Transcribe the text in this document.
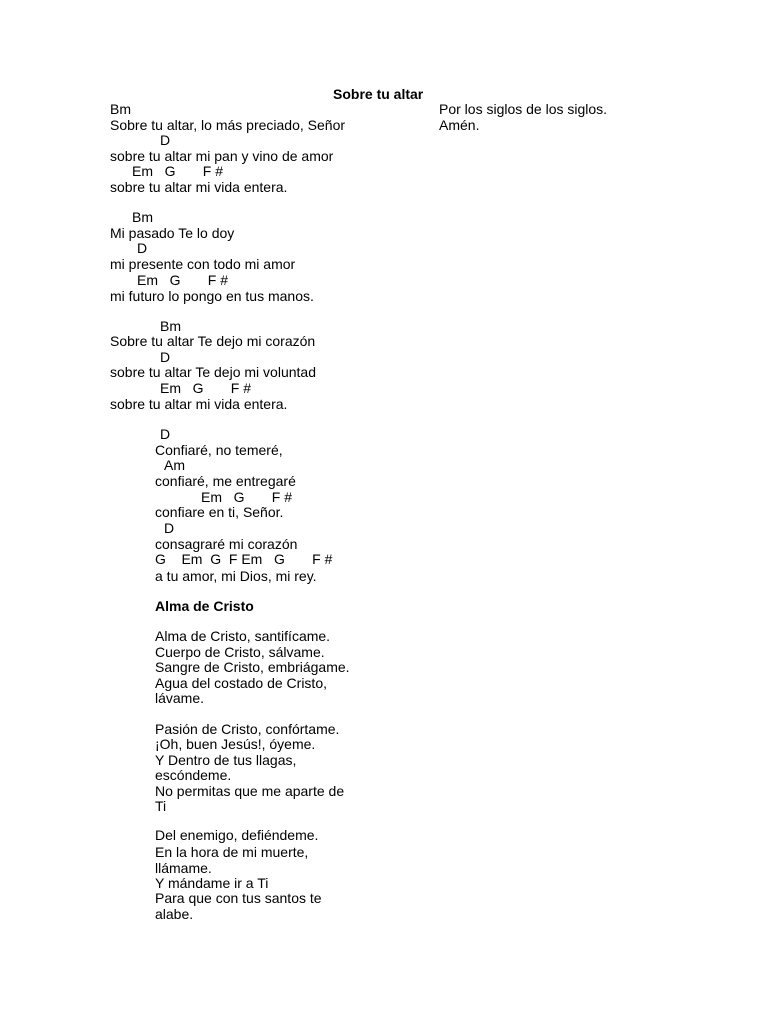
Sobre tu altar
Por los siglos de los siglos.
Amén.
Bm
Sobre tu altar, lo más preciado, Señor
D
sobre tu altar mi pan y vino de amor
Em   G       F #
sobre tu altar mi vida entera.
Bm
Mi pasado Te lo doy
D
mi presente con todo mi amor
Em   G       F #
mi futuro lo pongo en tus manos.
Bm
Sobre tu altar Te dejo mi corazón
D
sobre tu altar Te dejo mi voluntad
Em   G       F #
sobre tu altar mi vida entera.
D
Confiaré, no temeré,
Am
confiaré, me entregaré
Em   G       F #
confiare en ti, Señor.
D
consagraré mi corazón
G    Em  G  F Em   G       F #
a tu amor, mi Dios, mi rey.
Alma de Cristo
Alma de Cristo, santifícame.
Cuerpo de Cristo, sálvame.
Sangre de Cristo, embriágame.
Agua del costado de Cristo,
lávame.
Pasión de Cristo, confórtame.
¡Oh, buen Jesús!, óyeme.
Y Dentro de tus llagas,
escóndeme.
No permitas que me aparte de
Ti
Del enemigo, defiéndeme.
En la hora de mi muerte,
llámame.
Y mándame ir a Ti
Para que con tus santos te
alabe.
